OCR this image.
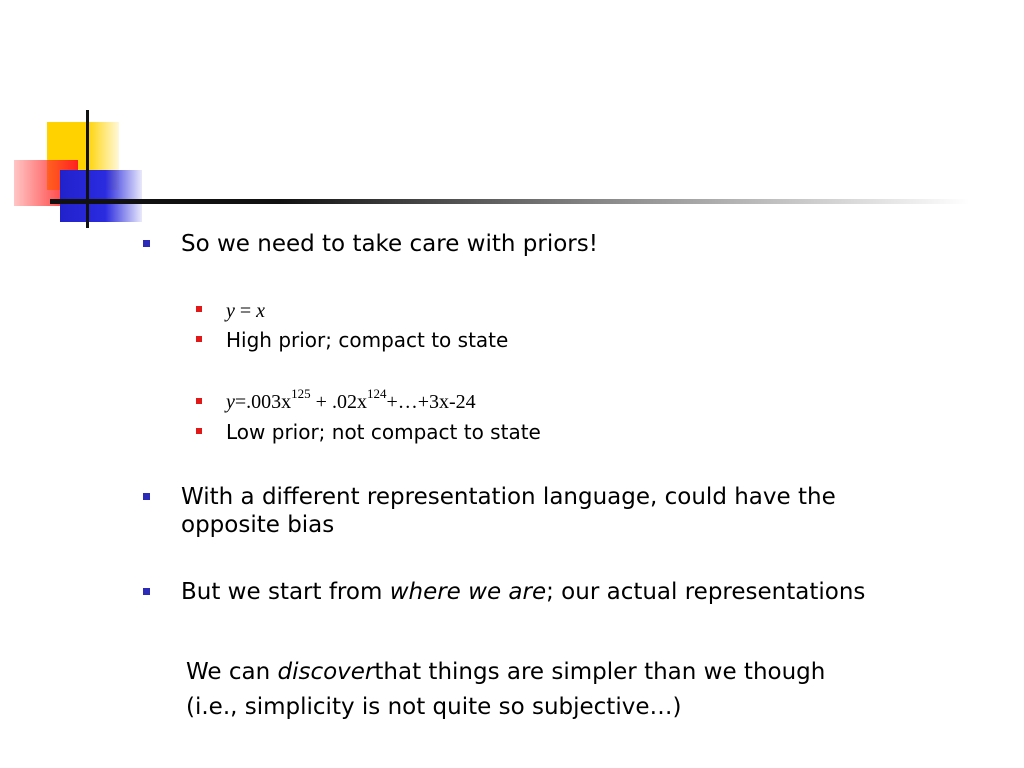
So we need to take care with priors!
y = x
High prior; compact to state
$y=.003x^{125}$ + $.02x^{124}+\dots+3x-24$
Low prior; not compact to state
With a different representation language, could have the opposite bias
But we start from where we are; our actual representations
We can discoverthat things are simpler than we though
(i.e., simplicity is not quite so subjective…)
